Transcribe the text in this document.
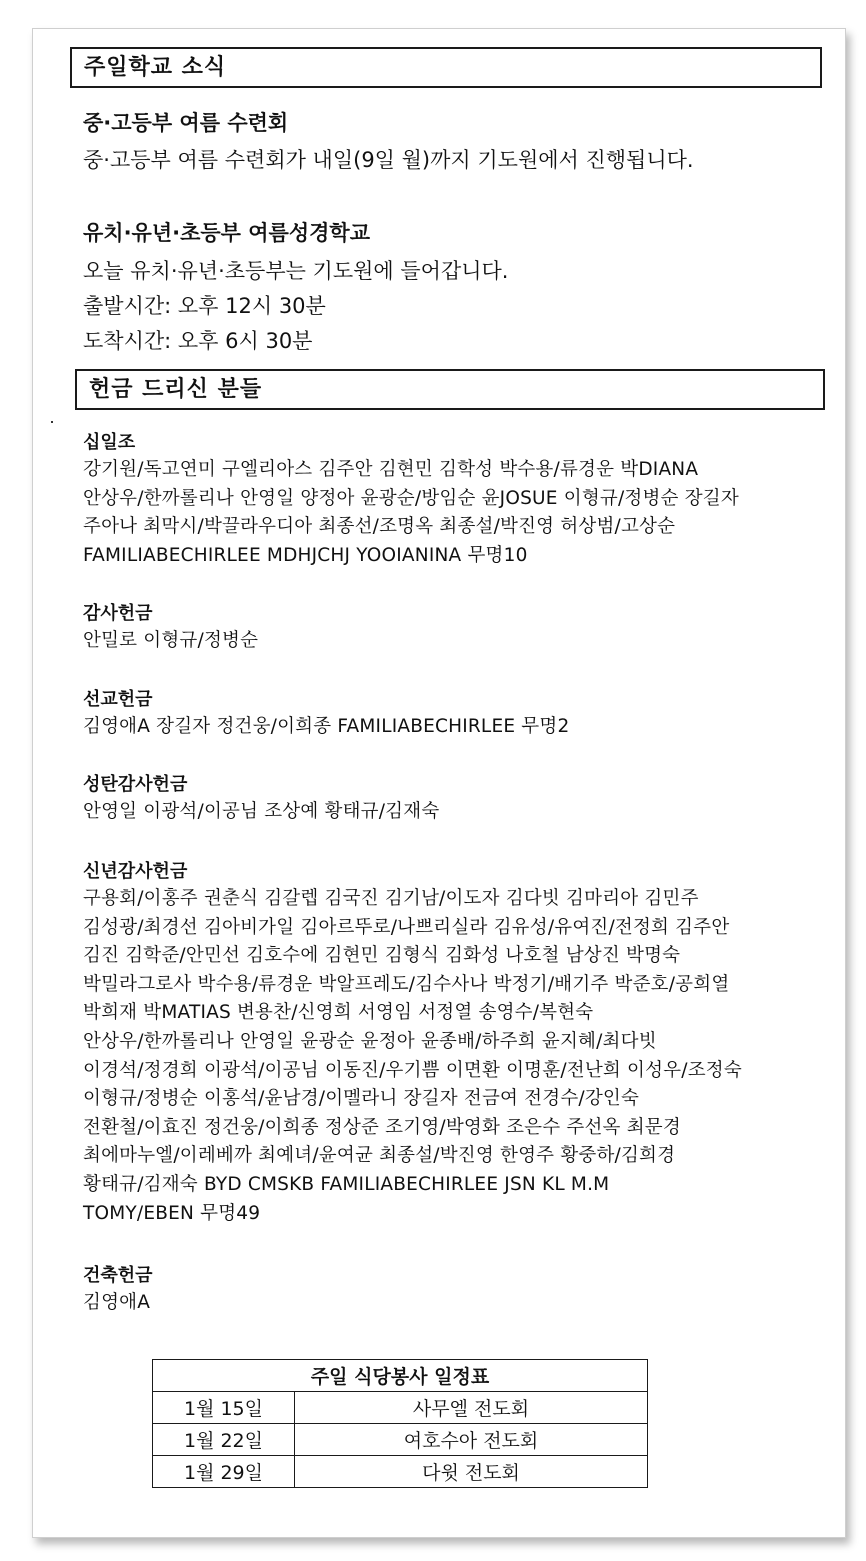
주일학교 소식
중·고등부 여름 수련회
중·고등부 여름 수련회가 내일(9일 월)까지 기도원에서 진행됩니다.
유치·유년·초등부 여름성경학교
오늘 유치·유년·초등부는 기도원에 들어갑니다.
출발시간: 오후 12시 30분
도착시간: 오후 6시 30분
헌금 드리신 분들
십일조
강기원/독고연미 구엘리아스 김주안 김현민 김학성 박수용/류경운 박DIANA
안상우/한까롤리나 안영일 양정아 윤광순/방임순 윤JOSUE 이형규/정병순 장길자
주아나 최막시/박끌라우디아 최종선/조명옥 최종설/박진영 허상범/고상순
FAMILIABECHIRLEE MDHJCHJ YOOIANINA 무명10
감사헌금
안밀로 이형규/정병순
선교헌금
김영애A 장길자 정건웅/이희종 FAMILIABECHIRLEE 무명2
성탄감사헌금
안영일 이광석/이공님 조상예 황태규/김재숙
신년감사헌금
구용회/이홍주 권춘식 김갈렙 김국진 김기남/이도자 김다빗 김마리아 김민주
김성광/최경선 김아비가일 김아르뚜로/나쁘리실라 김유성/유여진/전정희 김주안
김진 김학준/안민선 김호수에 김현민 김형식 김화성 나호철 남상진 박명숙
박밀라그로사 박수용/류경운 박알프레도/김수사나 박정기/배기주 박준호/공희열
박희재 박MATIAS 변용찬/신영희 서영임 서정열 송영수/복현숙
안상우/한까롤리나 안영일 윤광순 윤정아 윤종배/하주희 윤지혜/최다빗
이경석/정경희 이광석/이공님 이동진/우기쁨 이면환 이명훈/전난희 이성우/조정숙
이형규/정병순 이홍석/윤남경/이멜라니 장길자 전금여 전경수/강인숙
전환철/이효진 정건웅/이희종 정상준 조기영/박영화 조은수 주선옥 최문경
최에마누엘/이레베까 최예녀/윤여균 최종설/박진영 한영주 황중하/김희경
황태규/김재숙 BYD CMSKB FAMILIABECHIRLEE JSN KL M.M
TOMY/EBEN 무명49
건축헌금
김영애A
주일 식당봉사 일정표	
1월 15일	사무엘 전도회
1월 22일	여호수아 전도회
1월 29일	다윗 전도회
